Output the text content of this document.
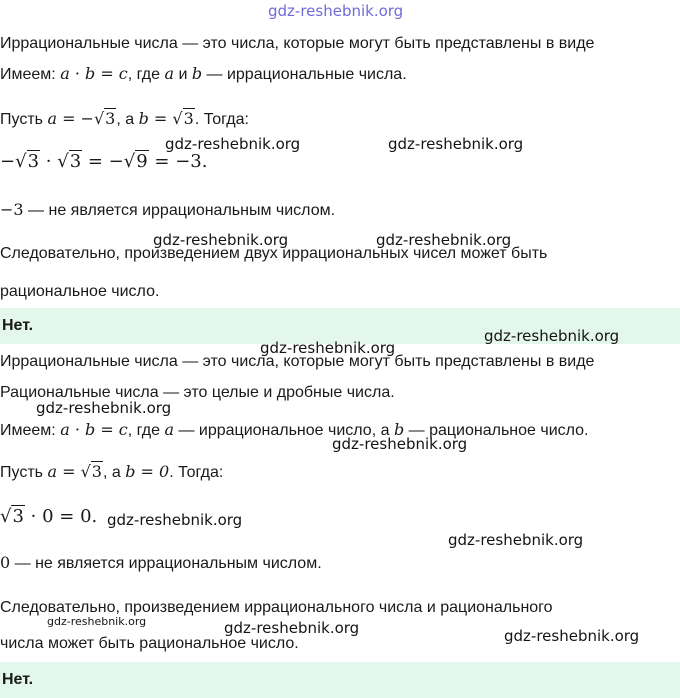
gdz-reshebnik.org
Иррациональные числа — это числа, которые могут быть представлены в виде
Имеем: a · b = c, где a и b — иррациональные числа.
Пусть a = −√3, а b = √3. Тогда:
−√3 · √3 = −√9 = −3.
−3 — не является иррациональным числом.
Следовательно, произведением двух иррациональных чисел может быть
рациональное число.
Нет.
Иррациональные числа — это числа, которые могут быть представлены в виде
Рациональные числа — это целые и дробные числа.
Имеем: a · b = c, где a — иррациональное число, а b — рациональное число.
Пусть a = √3, а b = 0. Тогда:
√3 · 0 = 0.
0 — не является иррациональным числом.
Следовательно, произведением иррационального числа и рационального
числа может быть рациональное число.
Нет.
gdz-reshebnik.org	gdz-reshebnik.org
gdz-reshebnik.org	gdz-reshebnik.org
gdz-reshebnik.org
gdz-reshebnik.org
gdz-reshebnik.org
gdz-reshebnik.org
gdz-reshebnik.org
gdz-reshebnik.org
gdz-reshebnik.org	gdz-reshebnik.org	gdz-reshebnik.org
